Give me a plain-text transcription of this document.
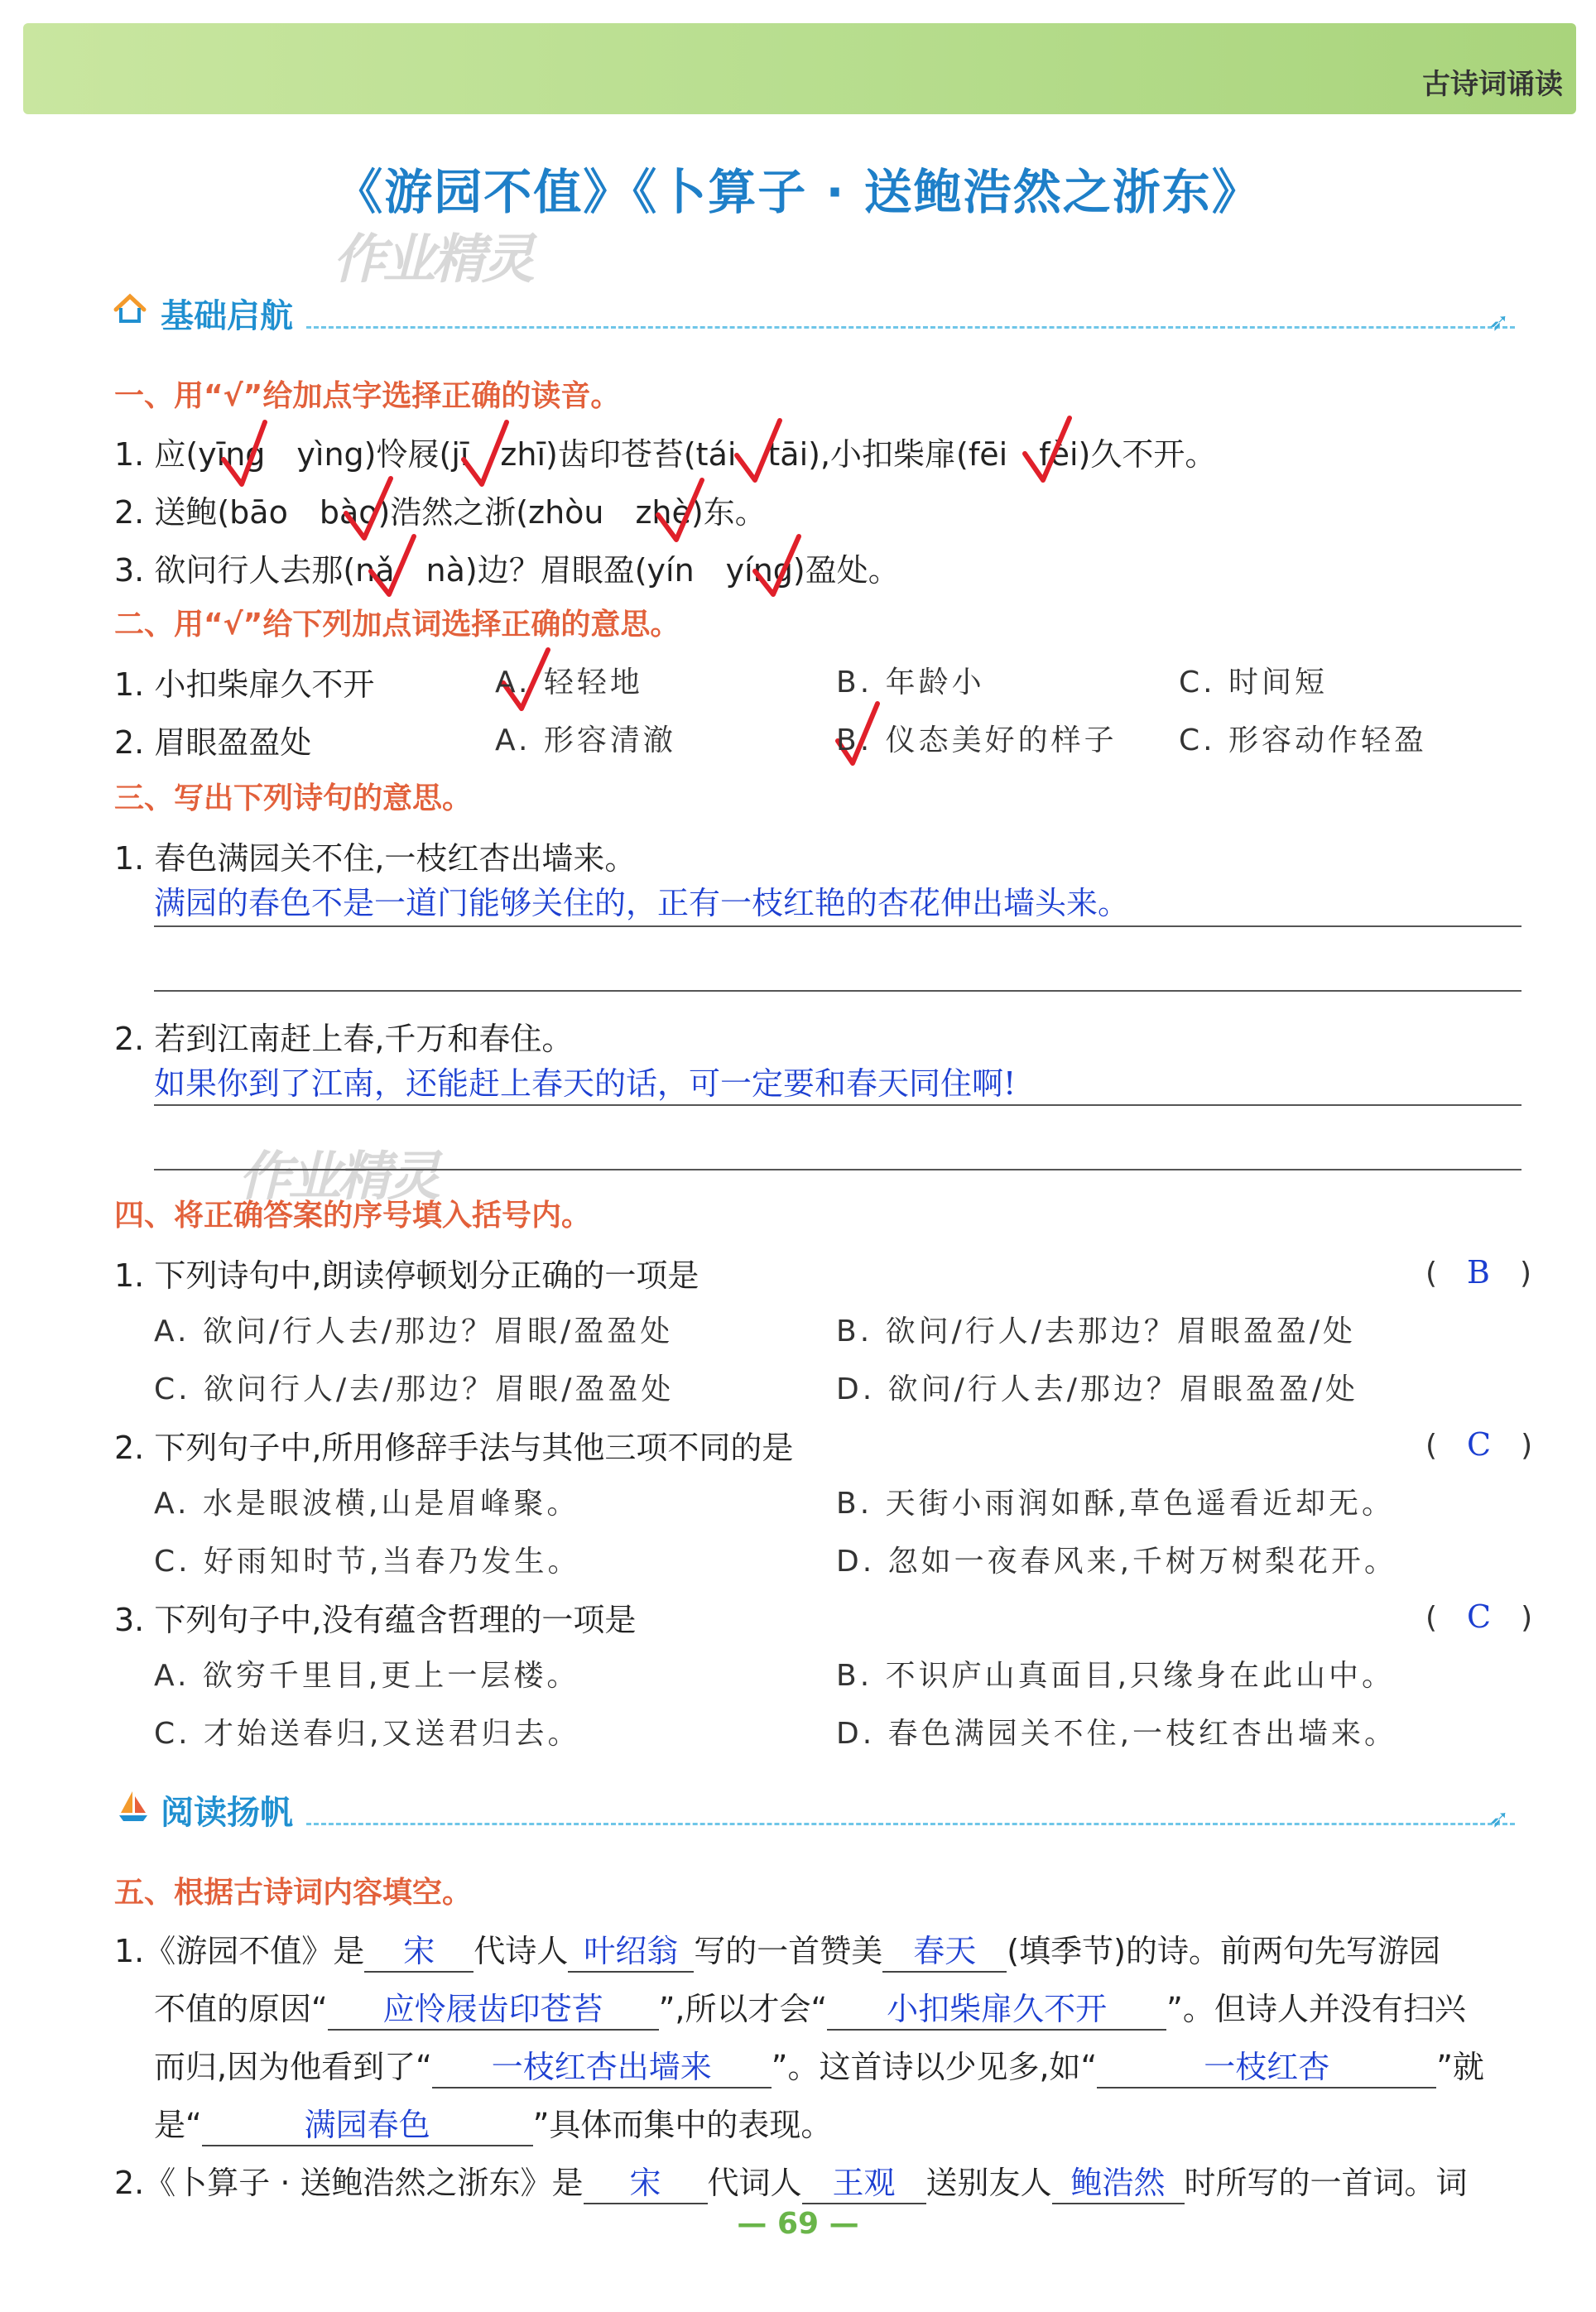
古诗词诵读
《游园不值》《卜算子 · 送鲍浩然之浙东》
作业精灵
作业精灵
基础启航	➶
一、用“√”给加点字选择正确的读音。
1. 应(yīng　yìng)怜屐(jī　zhī)齿印苍苔(tái　tāi),小扣柴扉(fēi　fèi)久不开。
2. 送鲍(bāo　bào)浩然之浙(zhòu　zhè)东。
3. 欲问行人去那(nǎ　nà)边？眉眼盈(yín　yíng)盈处。
二、用“√”给下列加点词选择正确的意思。
1. 小扣柴扉久不开	A. 轻轻地	B. 年龄小	C. 时间短
2. 眉眼盈盈处	A. 形容清澈	B. 仪态美好的样子 C. 形容动作轻盈
三、写出下列诗句的意思。
1. 春色满园关不住,一枝红杏出墙来。
满园的春色不是一道门能够关住的，正有一枝红艳的杏花伸出墙头来。
2. 若到江南赶上春,千万和春住。
如果你到了江南，还能赶上春天的话，可一定要和春天同住啊!
四、将正确答案的序号填入括号内。
1. 下列诗句中,朗读停顿划分正确的一项是	(　B　)
A. 欲问/行人去/那边？眉眼/盈盈处	B. 欲问/行人/去那边？眉眼盈盈/处
C. 欲问行人/去/那边？眉眼/盈盈处	D. 欲问/行人去/那边？眉眼盈盈/处
2. 下列句子中,所用修辞手法与其他三项不同的是	(　C　)
A. 水是眼波横,山是眉峰聚。	B. 天街小雨润如酥,草色遥看近却无。
C. 好雨知时节,当春乃发生。	D. 忽如一夜春风来,千树万树梨花开。
3. 下列句子中,没有蕴含哲理的一项是	(　C　)
A. 欲穷千里目,更上一层楼。	B. 不识庐山真面目,只缘身在此山中。
C. 才始送春归,又送君归去。	D. 春色满园关不住,一枝红杏出墙来。
阅读扬帆	➶
五、根据古诗词内容填空。
1.《游园不值》是 宋 代诗人 叶绍翁 写的一首赞美 春天 (填季节)的诗。前两句先写游园
不值的原因“ 应怜屐齿印苍苔 ”,所以才会“ 小扣柴扉久不开 ”。但诗人并没有扫兴
而归,因为他看到了“ 一枝红杏出墙来 ”。这首诗以少见多,如“	一枝红杏	”就
是“	满园春色	”具体而集中的表现。
2.《卜算子 · 送鲍浩然之浙东》是 宋 代词人 王观 送别友人 鲍浩然 时所写的一首词。词
— 69 —
